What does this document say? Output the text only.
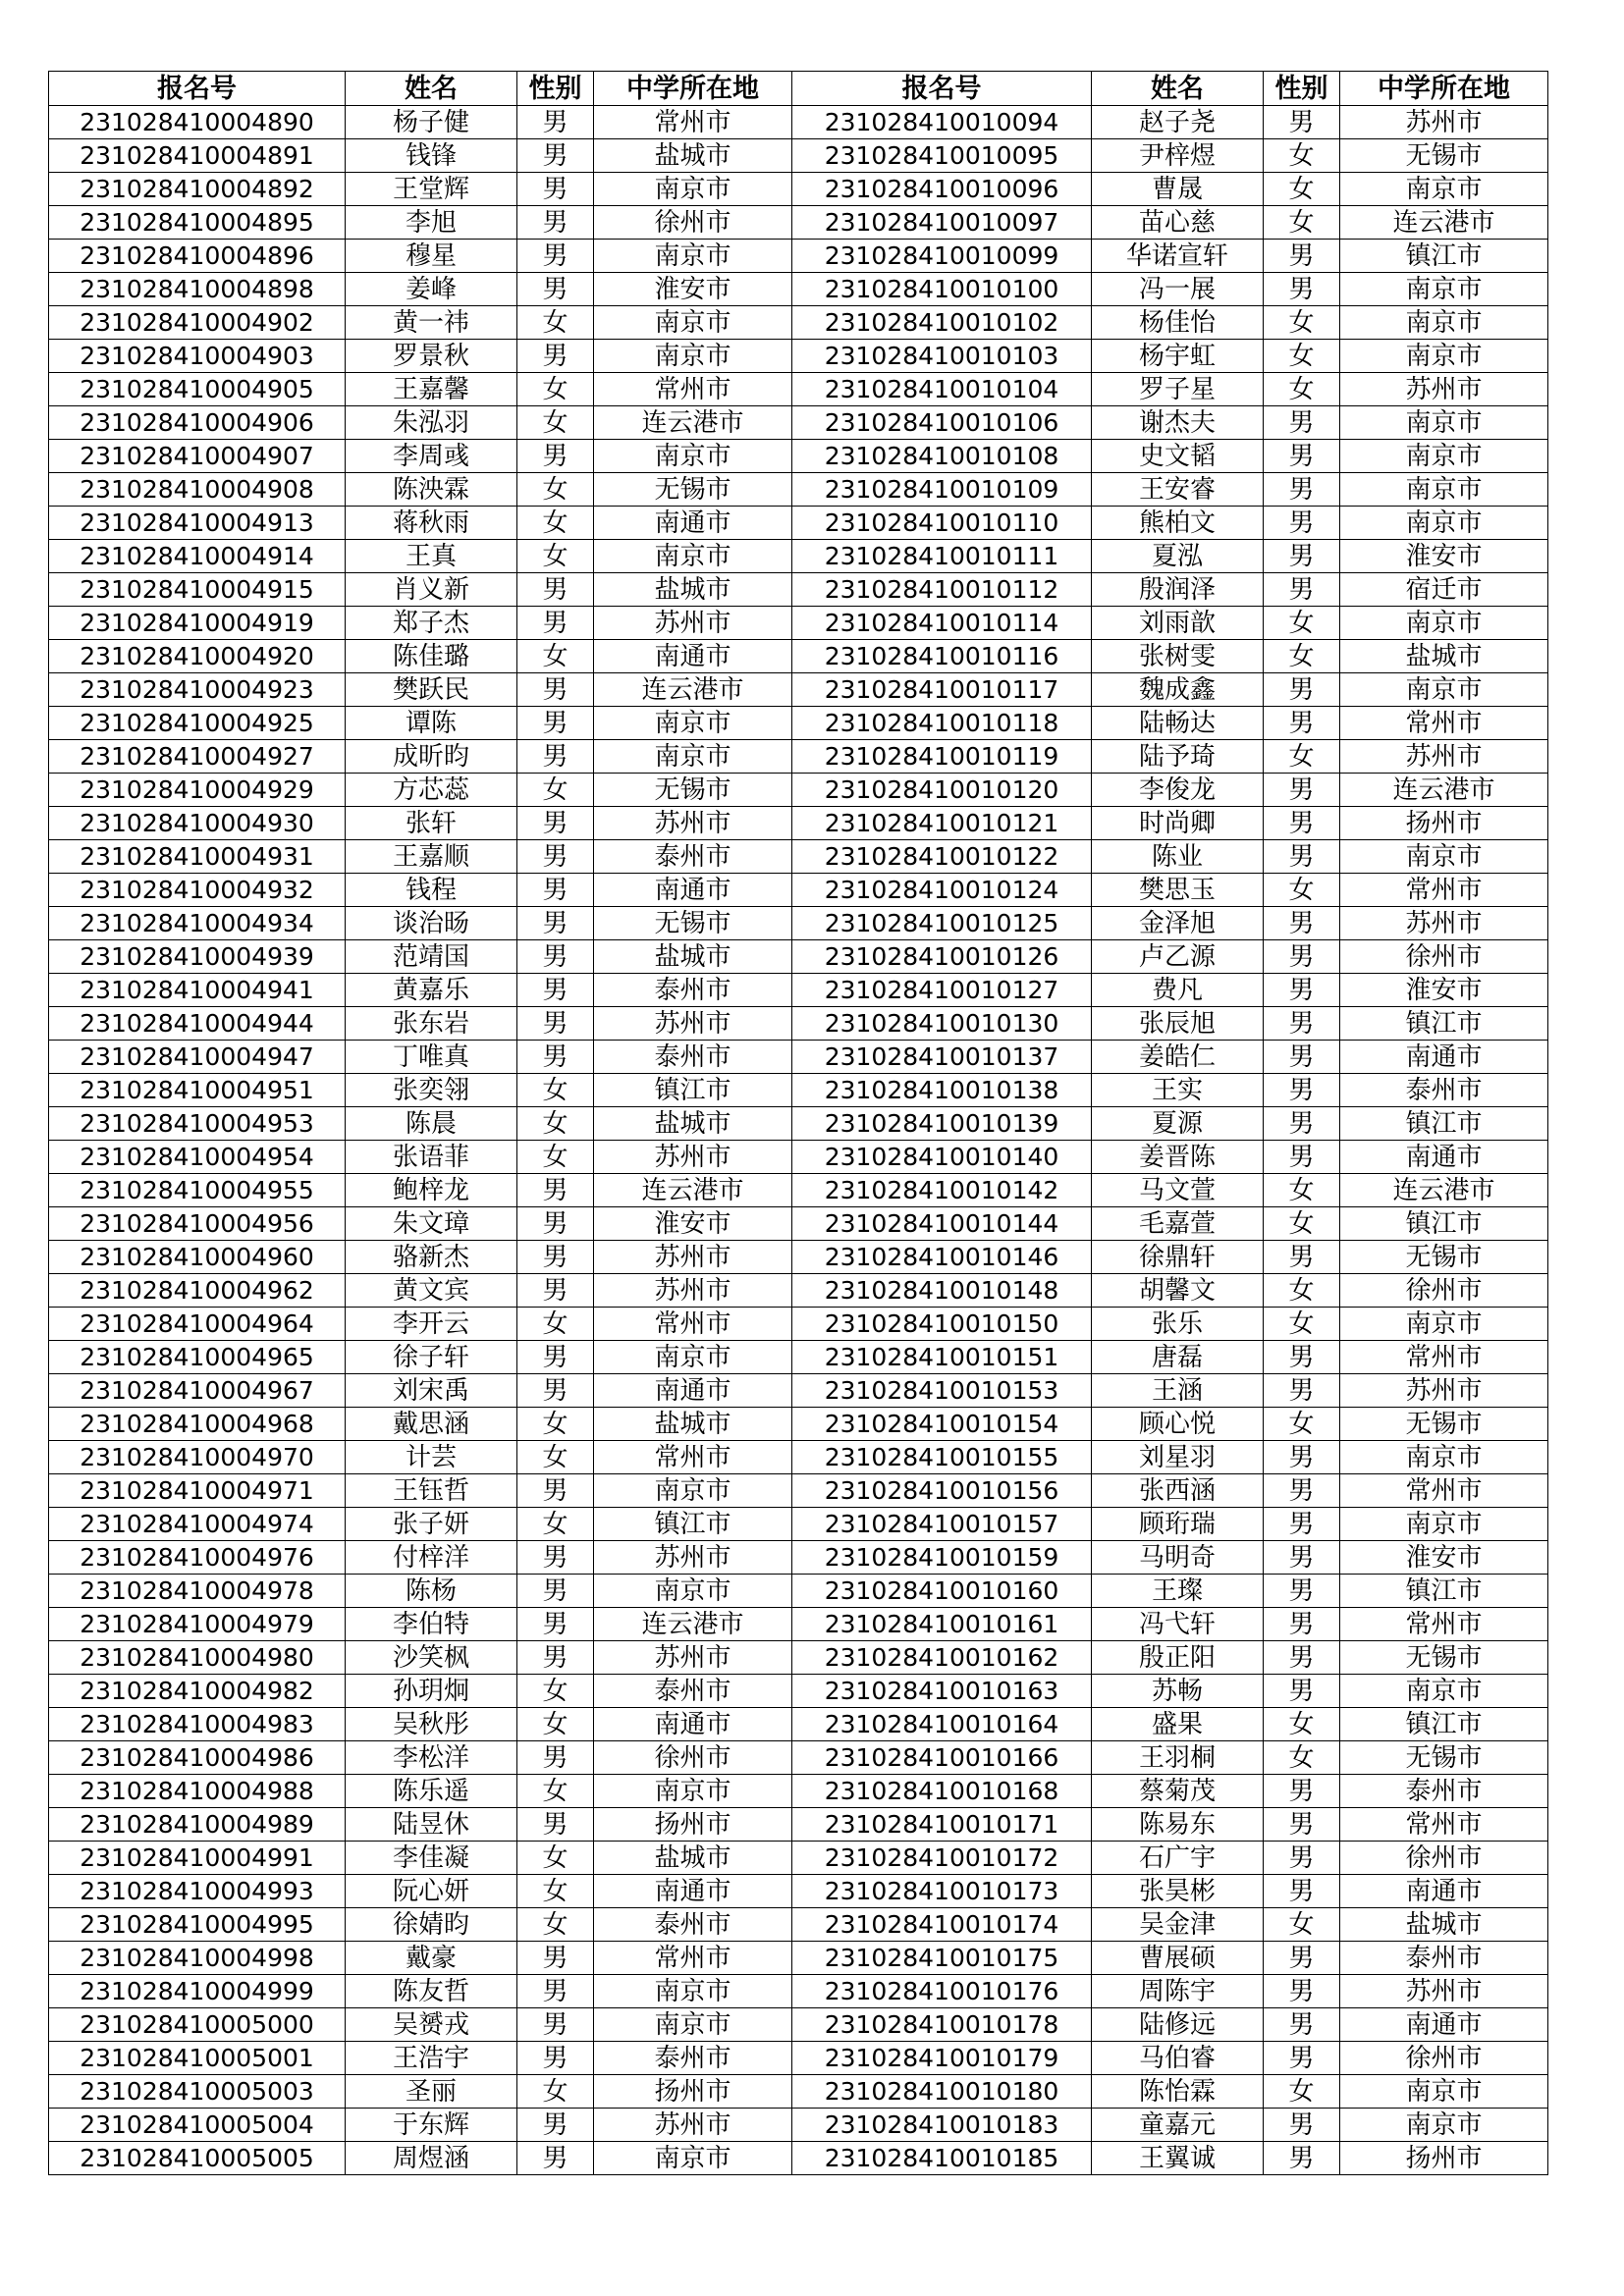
报名号	姓名	性别	中学所在地	报名号	姓名	性别	中学所在地
231028410004890	杨子健	男	常州市	231028410010094	赵子尧	男	苏州市
231028410004891	钱锋	男	盐城市	231028410010095	尹梓煜	女	无锡市
231028410004892	王堂辉	男	南京市	231028410010096	曹晟	女	南京市
231028410004895	李旭	男	徐州市	231028410010097	苗心慈	女	连云港市
231028410004896	穆星	男	南京市	231028410010099	华诺宣轩	男	镇江市
231028410004898	姜峰	男	淮安市	231028410010100	冯一展	男	南京市
231028410004902	黄一祎	女	南京市	231028410010102	杨佳怡	女	南京市
231028410004903	罗景秋	男	南京市	231028410010103	杨宇虹	女	南京市
231028410004905	王嘉馨	女	常州市	231028410010104	罗子星	女	苏州市
231028410004906	朱泓羽	女	连云港市	231028410010106	谢杰夫	男	南京市
231028410004907	李周彧	男	南京市	231028410010108	史文韬	男	南京市
231028410004908	陈泱霖	女	无锡市	231028410010109	王安睿	男	南京市
231028410004913	蒋秋雨	女	南通市	231028410010110	熊柏文	男	南京市
231028410004914	王真	女	南京市	231028410010111	夏泓	男	淮安市
231028410004915	肖义新	男	盐城市	231028410010112	殷润泽	男	宿迁市
231028410004919	郑子杰	男	苏州市	231028410010114	刘雨歆	女	南京市
231028410004920	陈佳璐	女	南通市	231028410010116	张树雯	女	盐城市
231028410004923	樊跃民	男	连云港市	231028410010117	魏成鑫	男	南京市
231028410004925	谭陈	男	南京市	231028410010118	陆畅达	男	常州市
231028410004927	成昕昀	男	南京市	231028410010119	陆予琦	女	苏州市
231028410004929	方芯蕊	女	无锡市	231028410010120	李俊龙	男	连云港市
231028410004930	张轩	男	苏州市	231028410010121	时尚卿	男	扬州市
231028410004931	王嘉顺	男	泰州市	231028410010122	陈业	男	南京市
231028410004932	钱程	男	南通市	231028410010124	樊思玉	女	常州市
231028410004934	谈治旸	男	无锡市	231028410010125	金泽旭	男	苏州市
231028410004939	范靖国	男	盐城市	231028410010126	卢乙源	男	徐州市
231028410004941	黄嘉乐	男	泰州市	231028410010127	费凡	男	淮安市
231028410004944	张东岩	男	苏州市	231028410010130	张辰旭	男	镇江市
231028410004947	丁唯真	男	泰州市	231028410010137	姜皓仁	男	南通市
231028410004951	张奕翎	女	镇江市	231028410010138	王实	男	泰州市
231028410004953	陈晨	女	盐城市	231028410010139	夏源	男	镇江市
231028410004954	张语菲	女	苏州市	231028410010140	姜晋陈	男	南通市
231028410004955	鲍梓龙	男	连云港市	231028410010142	马文萱	女	连云港市
231028410004956	朱文璋	男	淮安市	231028410010144	毛嘉萱	女	镇江市
231028410004960	骆新杰	男	苏州市	231028410010146	徐鼎轩	男	无锡市
231028410004962	黄文宾	男	苏州市	231028410010148	胡馨文	女	徐州市
231028410004964	李开云	女	常州市	231028410010150	张乐	女	南京市
231028410004965	徐子轩	男	南京市	231028410010151	唐磊	男	常州市
231028410004967	刘宋禹	男	南通市	231028410010153	王涵	男	苏州市
231028410004968	戴思涵	女	盐城市	231028410010154	顾心悦	女	无锡市
231028410004970	计芸	女	常州市	231028410010155	刘星羽	男	南京市
231028410004971	王钰哲	男	南京市	231028410010156	张西涵	男	常州市
231028410004974	张子妍	女	镇江市	231028410010157	顾珩瑞	男	南京市
231028410004976	付梓洋	男	苏州市	231028410010159	马明奇	男	淮安市
231028410004978	陈杨	男	南京市	231028410010160	王璨	男	镇江市
231028410004979	李伯特	男	连云港市	231028410010161	冯弋轩	男	常州市
231028410004980	沙笑枫	男	苏州市	231028410010162	殷正阳	男	无锡市
231028410004982	孙玥炯	女	泰州市	231028410010163	苏畅	男	南京市
231028410004983	吴秋彤	女	南通市	231028410010164	盛果	女	镇江市
231028410004986	李松洋	男	徐州市	231028410010166	王羽桐	女	无锡市
231028410004988	陈乐遥	女	南京市	231028410010168	蔡菊茂	男	泰州市
231028410004989	陆昱休	男	扬州市	231028410010171	陈易东	男	常州市
231028410004991	李佳凝	女	盐城市	231028410010172	石广宇	男	徐州市
231028410004993	阮心妍	女	南通市	231028410010173	张昊彬	男	南通市
231028410004995	徐婧昀	女	泰州市	231028410010174	吴金津	女	盐城市
231028410004998	戴豪	男	常州市	231028410010175	曹展硕	男	泰州市
231028410004999	陈友哲	男	南京市	231028410010176	周陈宇	男	苏州市
231028410005000	吴赟戎	男	南京市	231028410010178	陆修远	男	南通市
231028410005001	王浩宇	男	泰州市	231028410010179	马伯睿	男	徐州市
231028410005003	圣丽	女	扬州市	231028410010180	陈怡霖	女	南京市
231028410005004	于东辉	男	苏州市	231028410010183	童嘉元	男	南京市
231028410005005	周煜涵	男	南京市	231028410010185	王翼诚	男	扬州市
